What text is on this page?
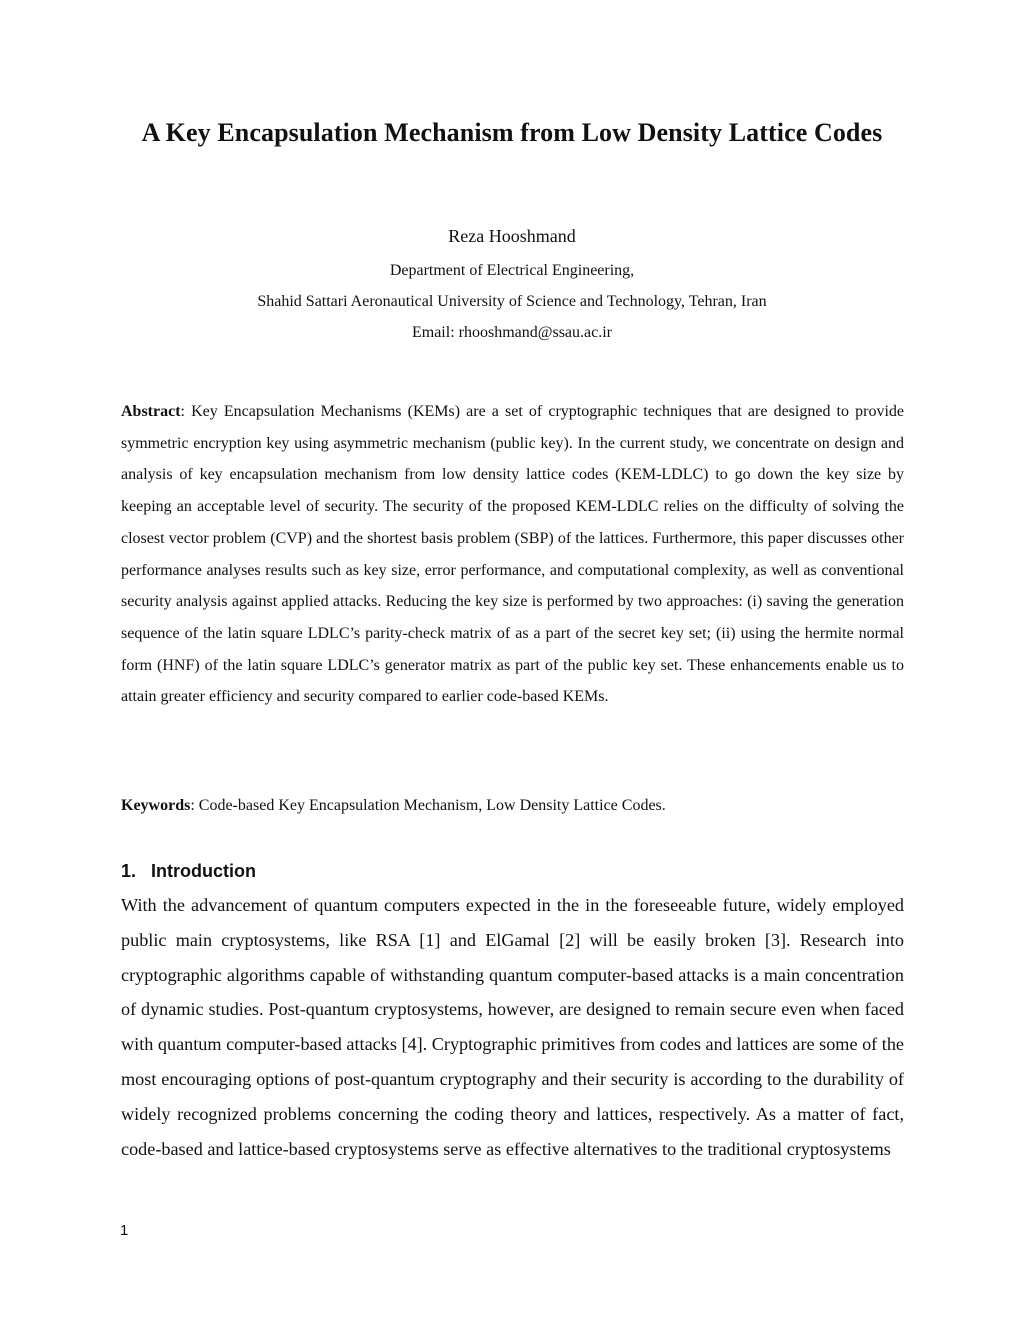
A Key Encapsulation Mechanism from Low Density Lattice Codes

Reza Hooshmand

Department of Electrical Engineering,

Shahid Sattari Aeronautical University of Science and Technology, Tehran, Iran

Email: rhooshmand@ssau.ac.ir

Abstract: Key Encapsulation Mechanisms (KEMs) are a set of cryptographic techniques that are designed to provide symmetric encryption key using asymmetric mechanism (public key). In the current study, we concentrate on design and analysis of key encapsulation mechanism from low density lattice codes (KEM-LDLC) to go down the key size by keeping an acceptable level of security. The security of the proposed KEM-LDLC relies on the difficulty of solving the closest vector problem (CVP) and the shortest basis problem (SBP) of the lattices. Furthermore, this paper discusses other performance analyses results such as key size, error performance, and computational complexity, as well as conventional security analysis against applied attacks. Reducing the key size is performed by two approaches: (i) saving the generation sequence of the latin square LDLC’s parity-check matrix of as a part of the secret key set; (ii) using the hermite normal form (HNF) of the latin square LDLC’s generator matrix as part of the public key set. These enhancements enable us to attain greater efficiency and security compared to earlier code-based KEMs.

Keywords: Code-based Key Encapsulation Mechanism, Low Density Lattice Codes.

1. Introduction

With the advancement of quantum computers expected in the in the foreseeable future, widely employed public main cryptosystems, like RSA [1] and ElGamal [2] will be easily broken [3]. Research into cryptographic algorithms capable of withstanding quantum computer-based attacks is a main concentration of dynamic studies. Post-quantum cryptosystems, however, are designed to remain secure even when faced with quantum computer-based attacks [4]. Cryptographic primitives from codes and lattices are some of the most encouraging options of post-quantum cryptography and their security is according to the durability of widely recognized problems concerning the coding theory and lattices, respectively. As a matter of fact, code-based and lattice-based cryptosystems serve as effective alternatives to the traditional cryptosystems

1
